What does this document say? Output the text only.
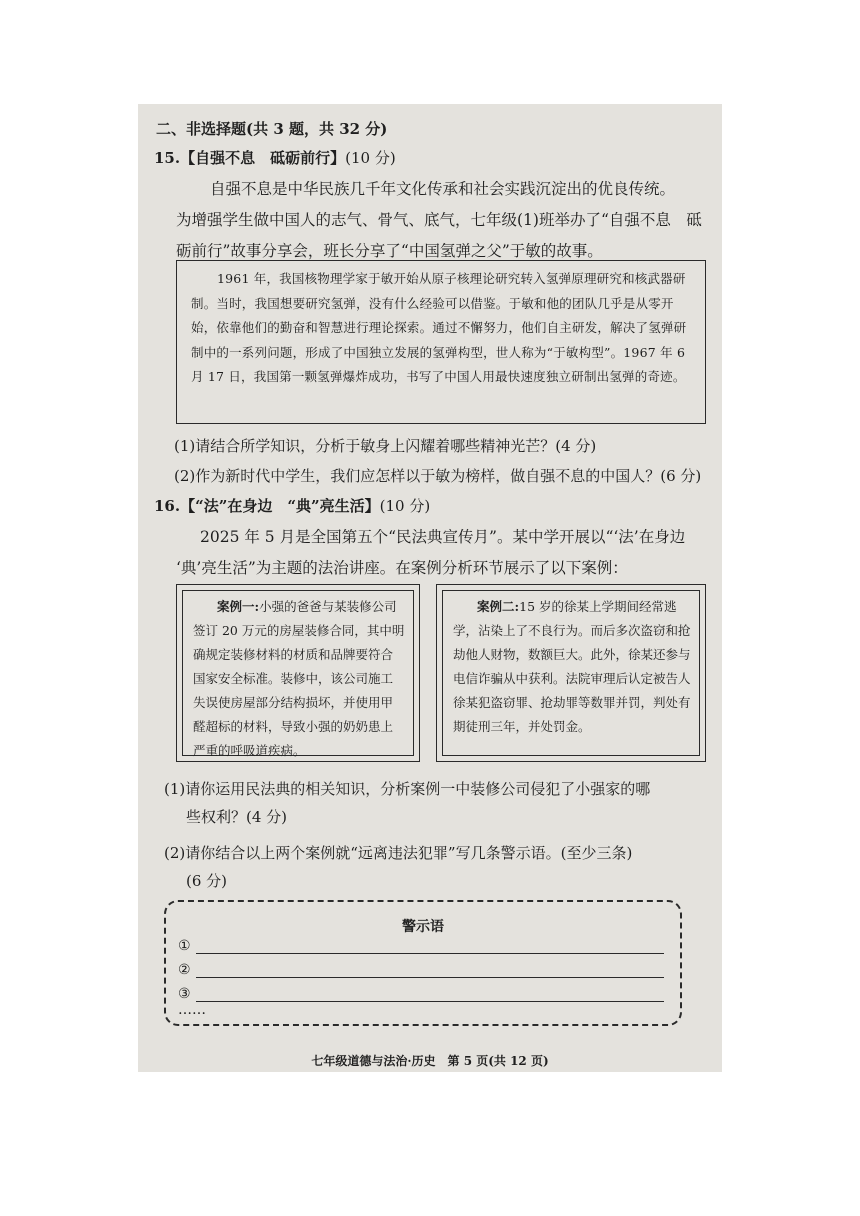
二、非选择题(共 3 题，共 32 分)
15.【自强不息　砥砺前行】(10 分)
自强不息是中华民族几千年文化传承和社会实践沉淀出的优良传统。
为增强学生做中国人的志气、骨气、底气，七年级(1)班举办了“自强不息　砥
砺前行”故事分享会，班长分享了“中国氢弹之父”于敏的故事。
1961 年，我国核物理学家于敏开始从原子核理论研究转入氢弹原理研究和核武器研制。当时，我国想要研究氢弹，没有什么经验可以借鉴。于敏和他的团队几乎是从零开始，依靠他们的勤奋和智慧进行理论探索。通过不懈努力，他们自主研发，解决了氢弹研制中的一系列问题，形成了中国独立发展的氢弹构型，世人称为“于敏构型”。1967 年 6 月 17 日，我国第一颗氢弹爆炸成功，书写了中国人用最快速度独立研制出氢弹的奇迹。
(1)请结合所学知识，分析于敏身上闪耀着哪些精神光芒？(4 分)
(2)作为新时代中学生，我们应怎样以于敏为榜样，做自强不息的中国人？(6 分)
16.【“法”在身边　“典”亮生活】(10 分)
2025 年 5 月是全国第五个“民法典宣传月”。某中学开展以“‘法’在身边
‘典’亮生活”为主题的法治讲座。在案例分析环节展示了以下案例：
案例一:小强的爸爸与某装修公司签订 20 万元的房屋装修合同，其中明确规定装修材料的材质和品牌要符合国家安全标准。装修中，该公司施工失误使房屋部分结构损坏，并使用甲醛超标的材料，导致小强的奶奶患上严重的呼吸道疾病。
案例二:15 岁的徐某上学期间经常逃学，沾染上了不良行为。而后多次盗窃和抢劫他人财物，数额巨大。此外，徐某还参与电信诈骗从中获利。法院审理后认定被告人徐某犯盗窃罪、抢劫罪等数罪并罚，判处有期徒刑三年，并处罚金。
(1)请你运用民法典的相关知识，分析案例一中装修公司侵犯了小强家的哪
些权利？(4 分)
(2)请你结合以上两个案例就“远离违法犯罪”写几条警示语。(至少三条)
(6 分)
警示语
①
②
③
……
七年级道德与法治·历史　第 5 页(共 12 页)
